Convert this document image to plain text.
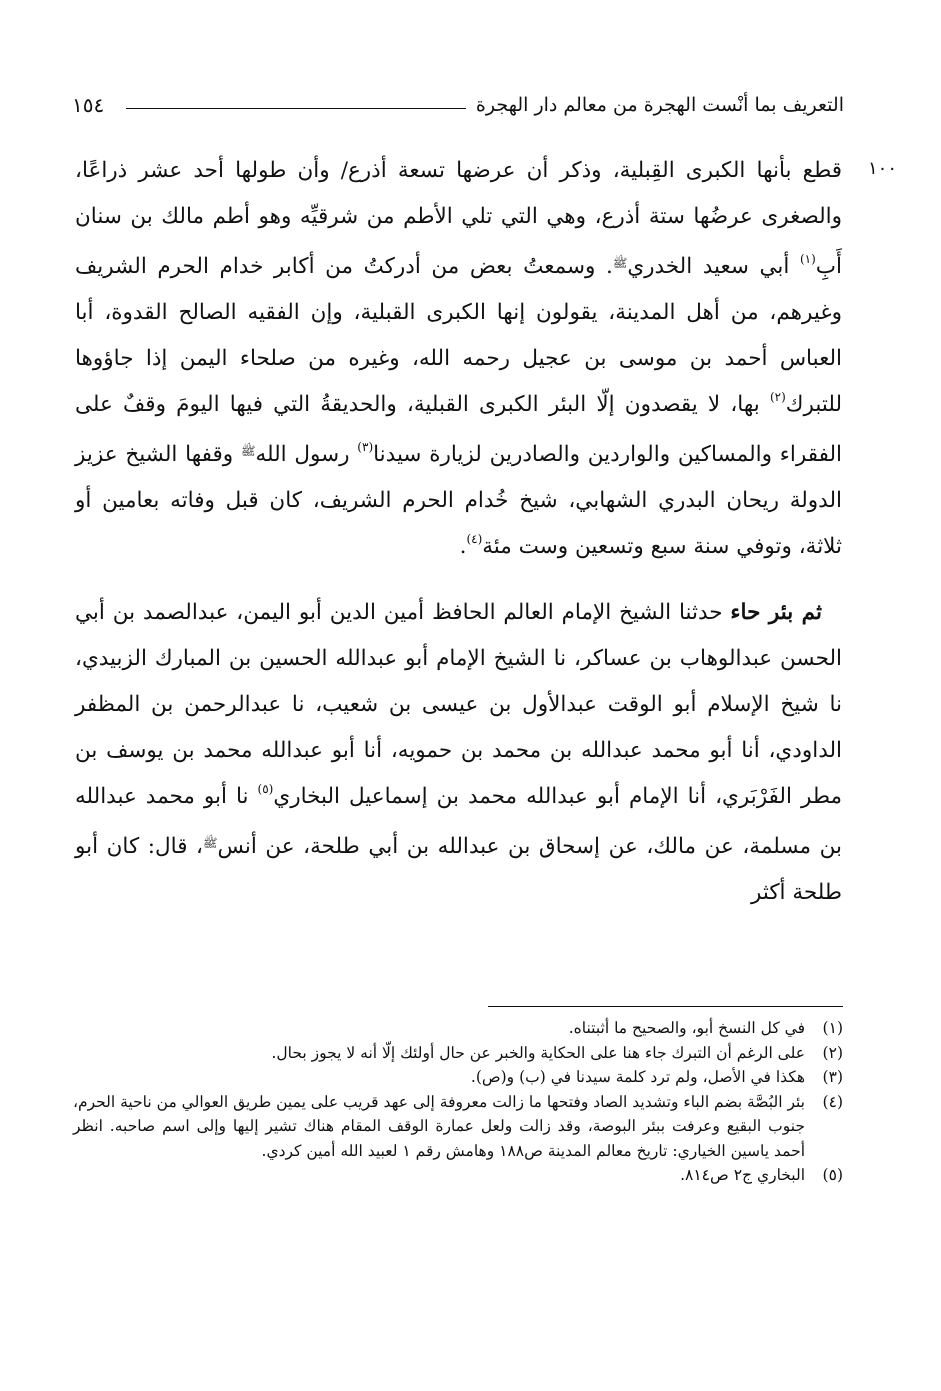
التعريف بما أنْست الهجرة من معالم دار الهجرة
١٥٤
١٠٠

قطع بأنها الكبرى القِبلية، وذكر أن عرضها تسعة أذرع/ وأن طولها أحد عشر ذراعًا، والصغرى عرضُها ستة أذرع، وهي التي تلي الأطم من شرقيِّه وهو أطم مالك بن سنان أَبِ$^{(١)}$ أبي سعيد الخدري$^ﷺ$. وسمعتُ بعض من أدركتُ من أكابر خدام الحرم الشريف وغيرهم، من أهل المدينة، يقولون إنها الكبرى القبلية، وإن الفقيه الصالح القدوة، أبا العباس أحمد بن موسى بن عجيل رحمه الله، وغيره من صلحاء اليمن إذا جاؤوها للتبرك$^{(٢)}$ بها، لا يقصدون إلّا البئر الكبرى القبلية، والحديقةُ التي فيها اليومَ وقفٌ على الفقراء والمساكين والواردين والصادرين لزيارة سيدنا$^{(٣)}$ رسول الله$^ﷺ$ وقفها الشيخ عزيز الدولة ريحان البدري الشهابي، شيخ خُدام الحرم الشريف، كان قبل وفاته بعامين أو ثلاثة، وتوفي سنة سبع وتسعين وست مئة$^{(٤)}$.

ثم بئر حاء حدثنا الشيخ الإمام العالم الحافظ أمين الدين أبو اليمن، عبدالصمد بن أبي الحسن عبدالوهاب بن عساكر، نا الشيخ الإمام أبو عبدالله الحسين بن المبارك الزبيدي، نا شيخ الإسلام أبو الوقت عبدالأول بن عيسى بن شعيب، نا عبدالرحمن بن المظفر الداودي، أنا أبو محمد عبدالله بن محمد بن حمويه، أنا أبو عبدالله محمد بن يوسف بن مطر الفَرْبَري، أنا الإمام أبو عبدالله محمد بن إسماعيل البخاري$^{(٥)}$ نا أبو محمد عبدالله بن مسلمة، عن مالك، عن إسحاق بن عبدالله بن أبي طلحة، عن أنس$^ﷺ$، قال: كان أبو طلحة أكثر

(١)
في كل النسخ أبو، والصحيح ما أثبتناه.
(٢)
على الرغم أن التبرك جاء هنا على الحكاية والخبر عن حال أولئك إلّا أنه لا يجوز بحال.
(٣)
هكذا في الأصل، ولم ترد كلمة سيدنا في (ب) و(ص).
(٤)
بئر البُصَّة بضم الباء وتشديد الصاد وفتحها ما زالت معروفة إلى عهد قريب على يمين طريق العوالي من ناحية الحرم، جنوب البقيع وعرفت ببئر البوصة، وقد زالت ولعل عمارة الوقف المقام هناك تشير إليها وإلى اسم صاحبه. انظر أحمد ياسين الخياري: تاريخ معالم المدينة ص١٨٨ وهامش رقم ١ لعبيد الله أمين كردي.
(٥)
البخاري ج٢ ص٨١٤.
